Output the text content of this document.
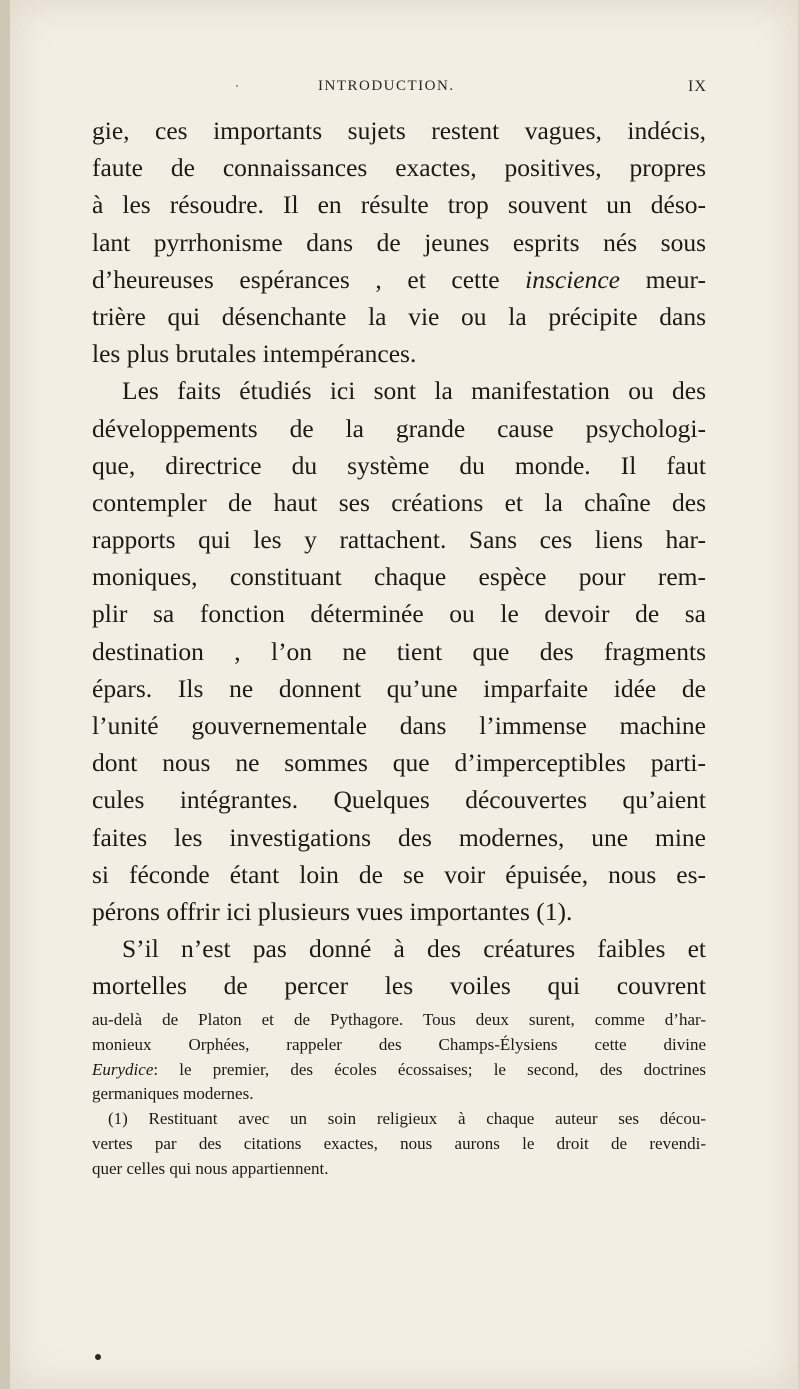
INTRODUCTION.	IX
gie, ces importants sujets restent vagues, indécis,
faute de connaissances exactes, positives, propres
à les résoudre. Il en résulte trop souvent un déso-
lant pyrrhonisme dans de jeunes esprits nés sous
d’heureuses espérances , et cette inscience meur-
trière qui désenchante la vie ou la précipite dans
les plus brutales intempérances.
Les faits étudiés ici sont la manifestation ou des
développements de la grande cause psychologi-
que, directrice du système du monde. Il faut
contempler de haut ses créations et la chaîne des
rapports qui les y rattachent. Sans ces liens har-
moniques, constituant chaque espèce pour rem-
plir sa fonction déterminée ou le devoir de sa
destination , l’on ne tient que des fragments
épars. Ils ne donnent qu’une imparfaite idée de
l’unité gouvernementale dans l’immense machine
dont nous ne sommes que d’imperceptibles parti-
cules intégrantes. Quelques découvertes qu’aient
faites les investigations des modernes, une mine
si féconde étant loin de se voir épuisée, nous es-
pérons offrir ici plusieurs vues importantes (1).
S’il n’est pas donné à des créatures faibles et
mortelles de percer les voiles qui couvrent
au-delà de Platon et de Pythagore. Tous deux surent, comme d’har-
monieux Orphées, rappeler des Champs-Élysiens cette divine
Eurydice: le premier, des écoles écossaises; le second, des doctrines
germaniques modernes.
(1) Restituant avec un soin religieux à chaque auteur ses décou-
vertes par des citations exactes, nous aurons le droit de revendi-
quer celles qui nous appartiennent.
